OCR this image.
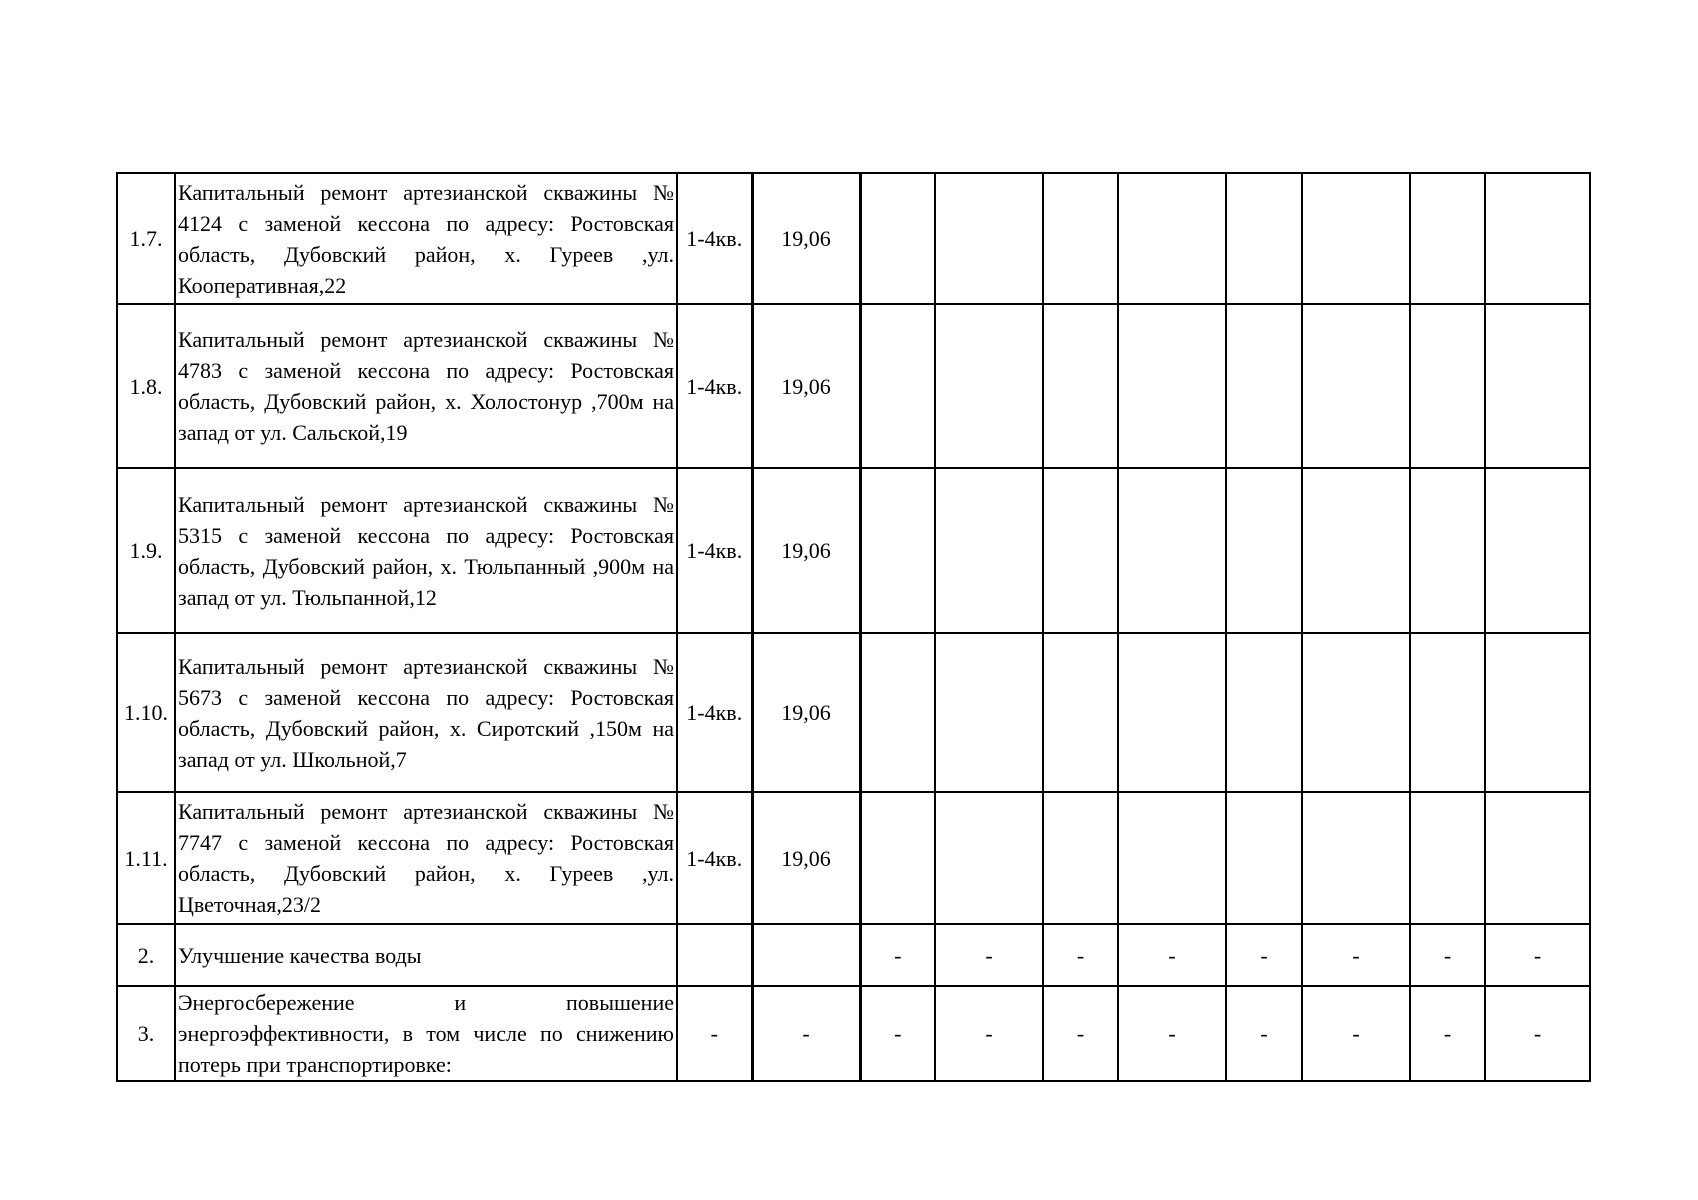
1.7.	Капитальный ремонт артезианской скважины № 4124 с заменой кессона по адресу: Ростовская область, Дубовский район, х. Гуреев ,ул. Кооперативная,22	1-4кв.	19,06								
1.8.	Капитальный ремонт артезианской скважины № 4783 с заменой кессона по адресу: Ростовская область, Дубовский район, х. Холостонур ,700м на запад от ул. Сальской,19	1-4кв.	19,06								
1.9.	Капитальный ремонт артезианской скважины № 5315 с заменой кессона по адресу: Ростовская область, Дубовский район, х. Тюльпанный ,900м на запад от ул. Тюльпанной,12	1-4кв.	19,06								
1.10.	Капитальный ремонт артезианской скважины № 5673 с заменой кессона по адресу: Ростовская область, Дубовский район, х. Сиротский ,150м на запад от ул. Школьной,7	1-4кв.	19,06								
1.11.	Капитальный ремонт артезианской скважины № 7747 с заменой кессона по адресу: Ростовская область, Дубовский район, х. Гуреев ,ул. Цветочная,23/2	1-4кв.	19,06								
2.	Улучшение качества воды			-	-	-	-	-	-	-	-
3.	Энергосбережение и повышение энергоэффективности, в том числе по снижению потерь при транспортировке:	-	-	-	-	-	-	-	-	-	-
